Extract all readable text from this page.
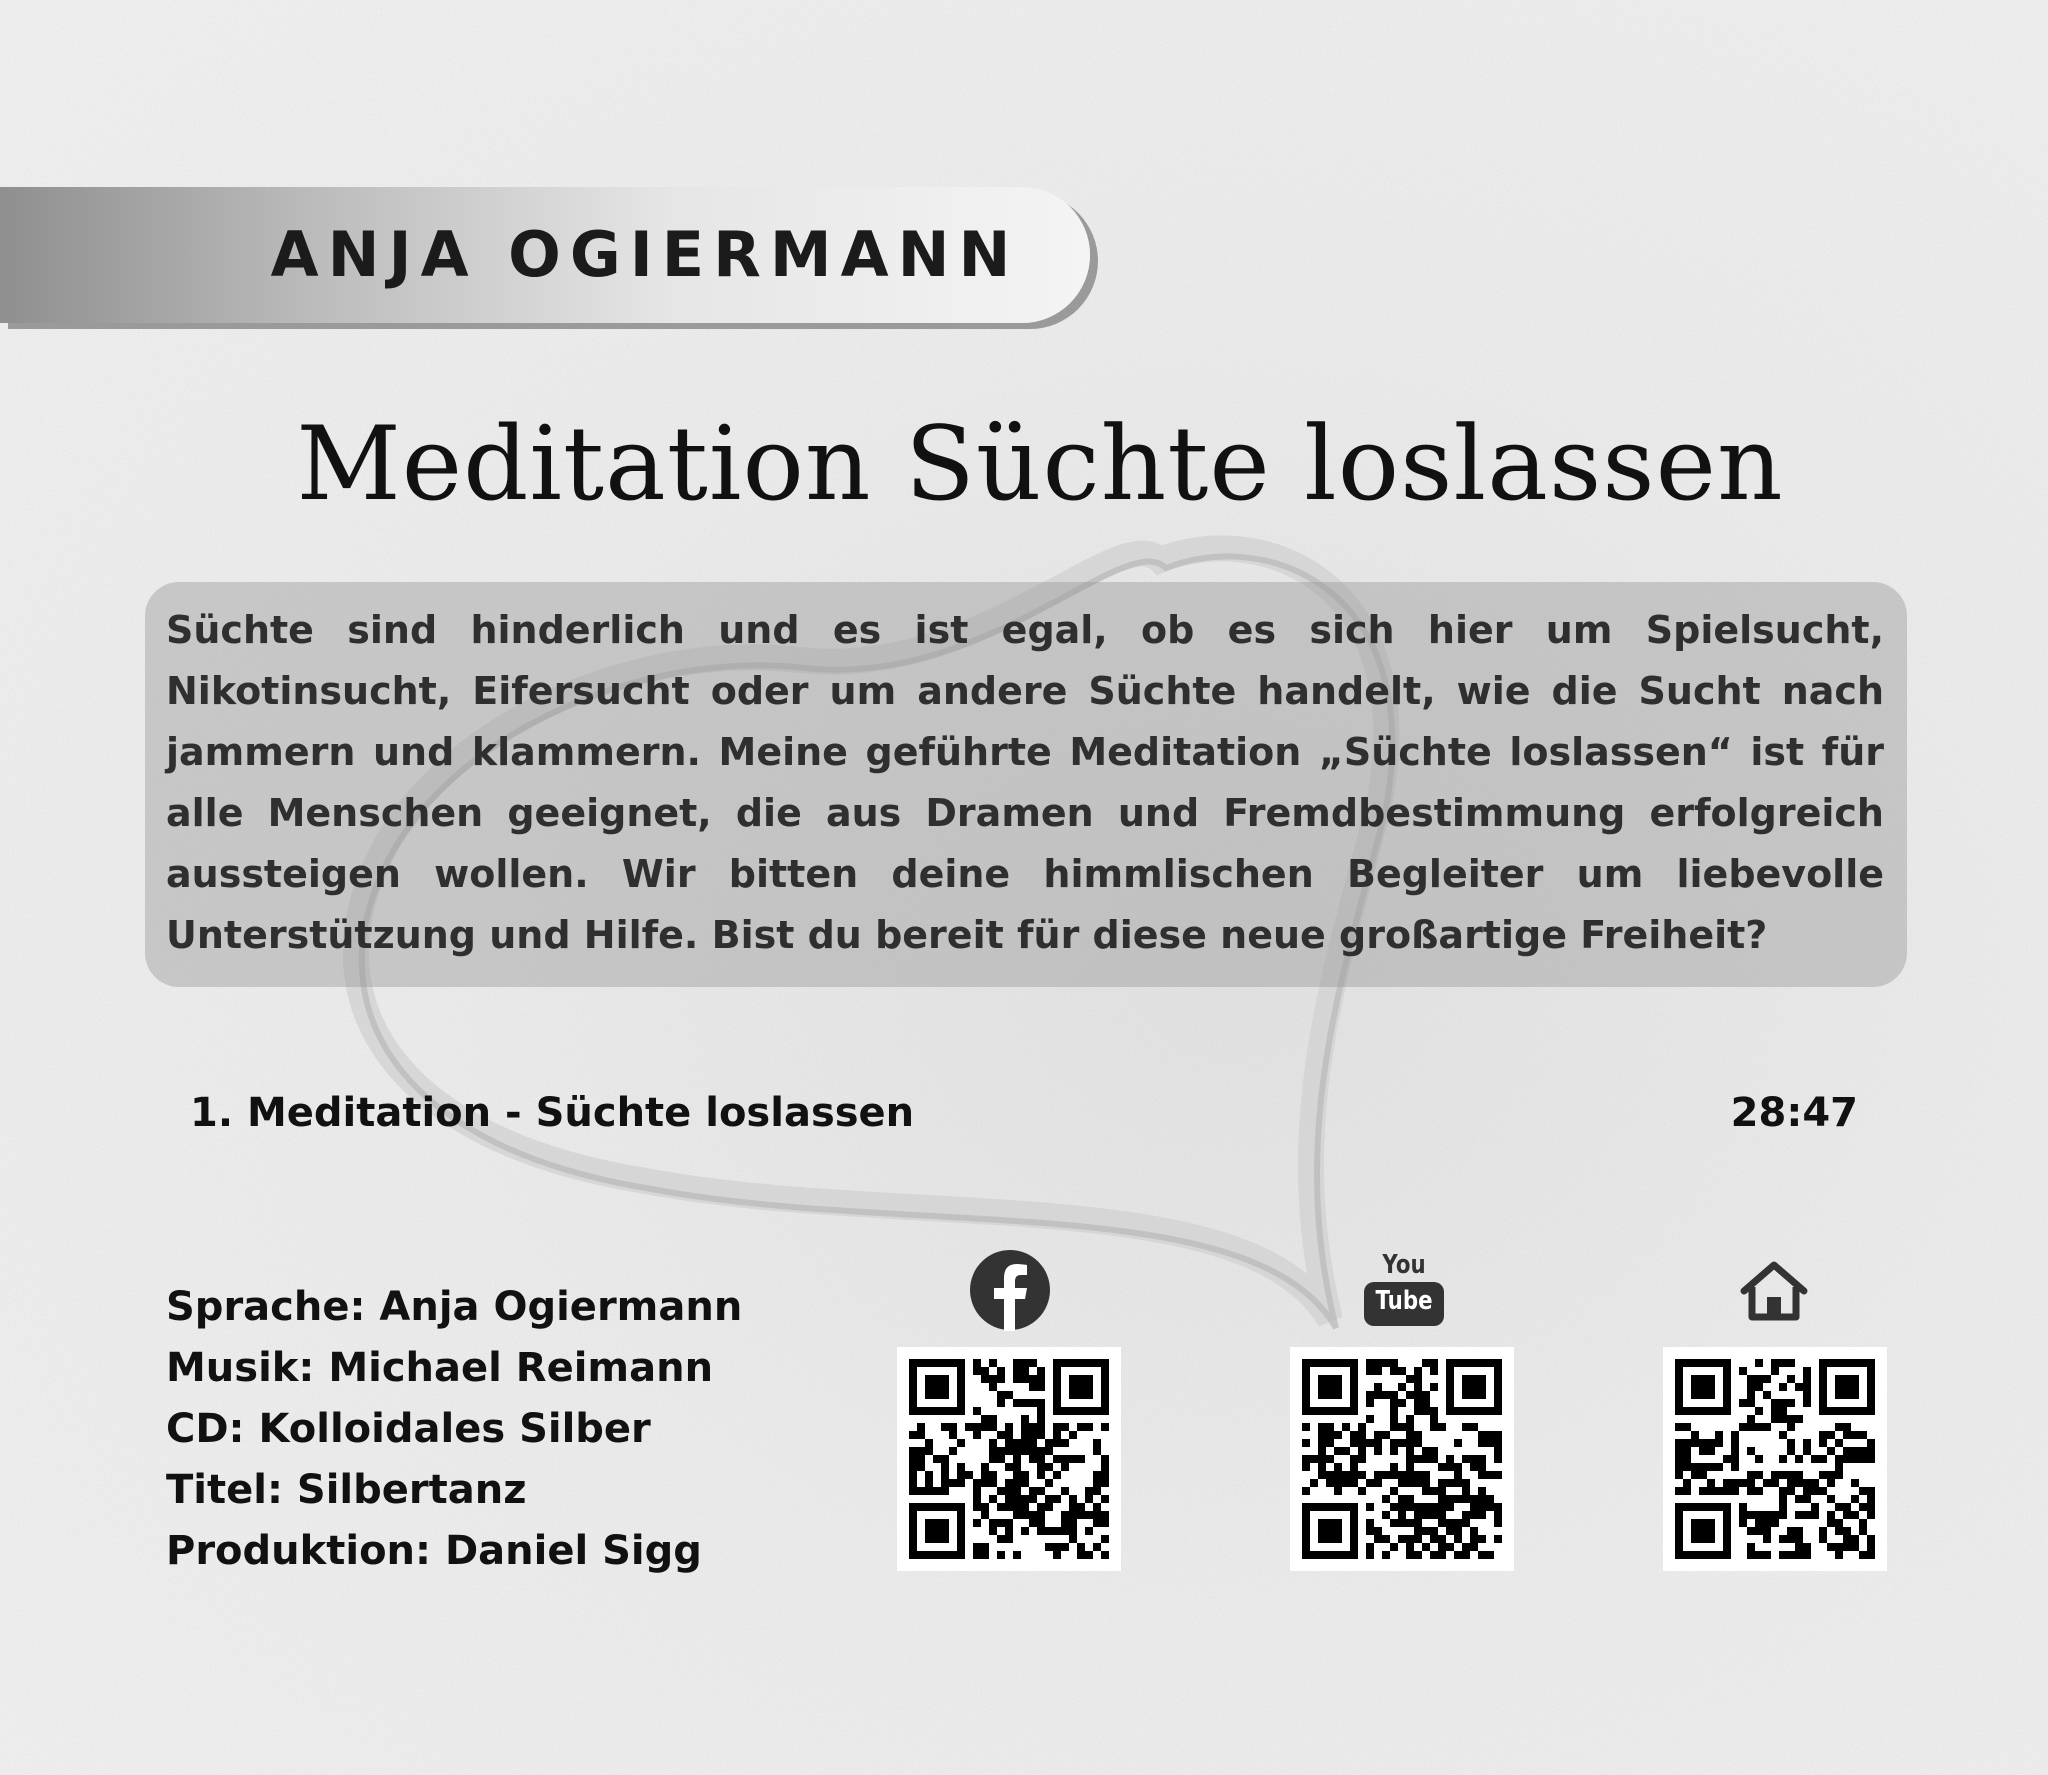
ANJA OGIERMANN
Meditation Süchte loslassen
Süchte sind hinderlich und es ist egal, ob es sich hier um Spielsucht, Nikotinsucht, Eifersucht oder um andere Süchte handelt, wie die Sucht nach jammern und klammern. Meine geführte Meditation „Süchte loslassen“ ist für alle Menschen geeignet, die aus Dramen und Fremdbestimmung erfolgreich aussteigen wollen. Wir bitten deine himmlischen Begleiter um liebevolle Unterstützung und Hilfe. Bist du bereit für diese neue großartige Freiheit?
1. Meditation - Süchte loslassen	28:47
Sprache: Anja Ogiermann
Musik: Michael Reimann
CD: Kolloidales Silber
Titel: Silbertanz
Produktion: Daniel Sigg
You
Tube
